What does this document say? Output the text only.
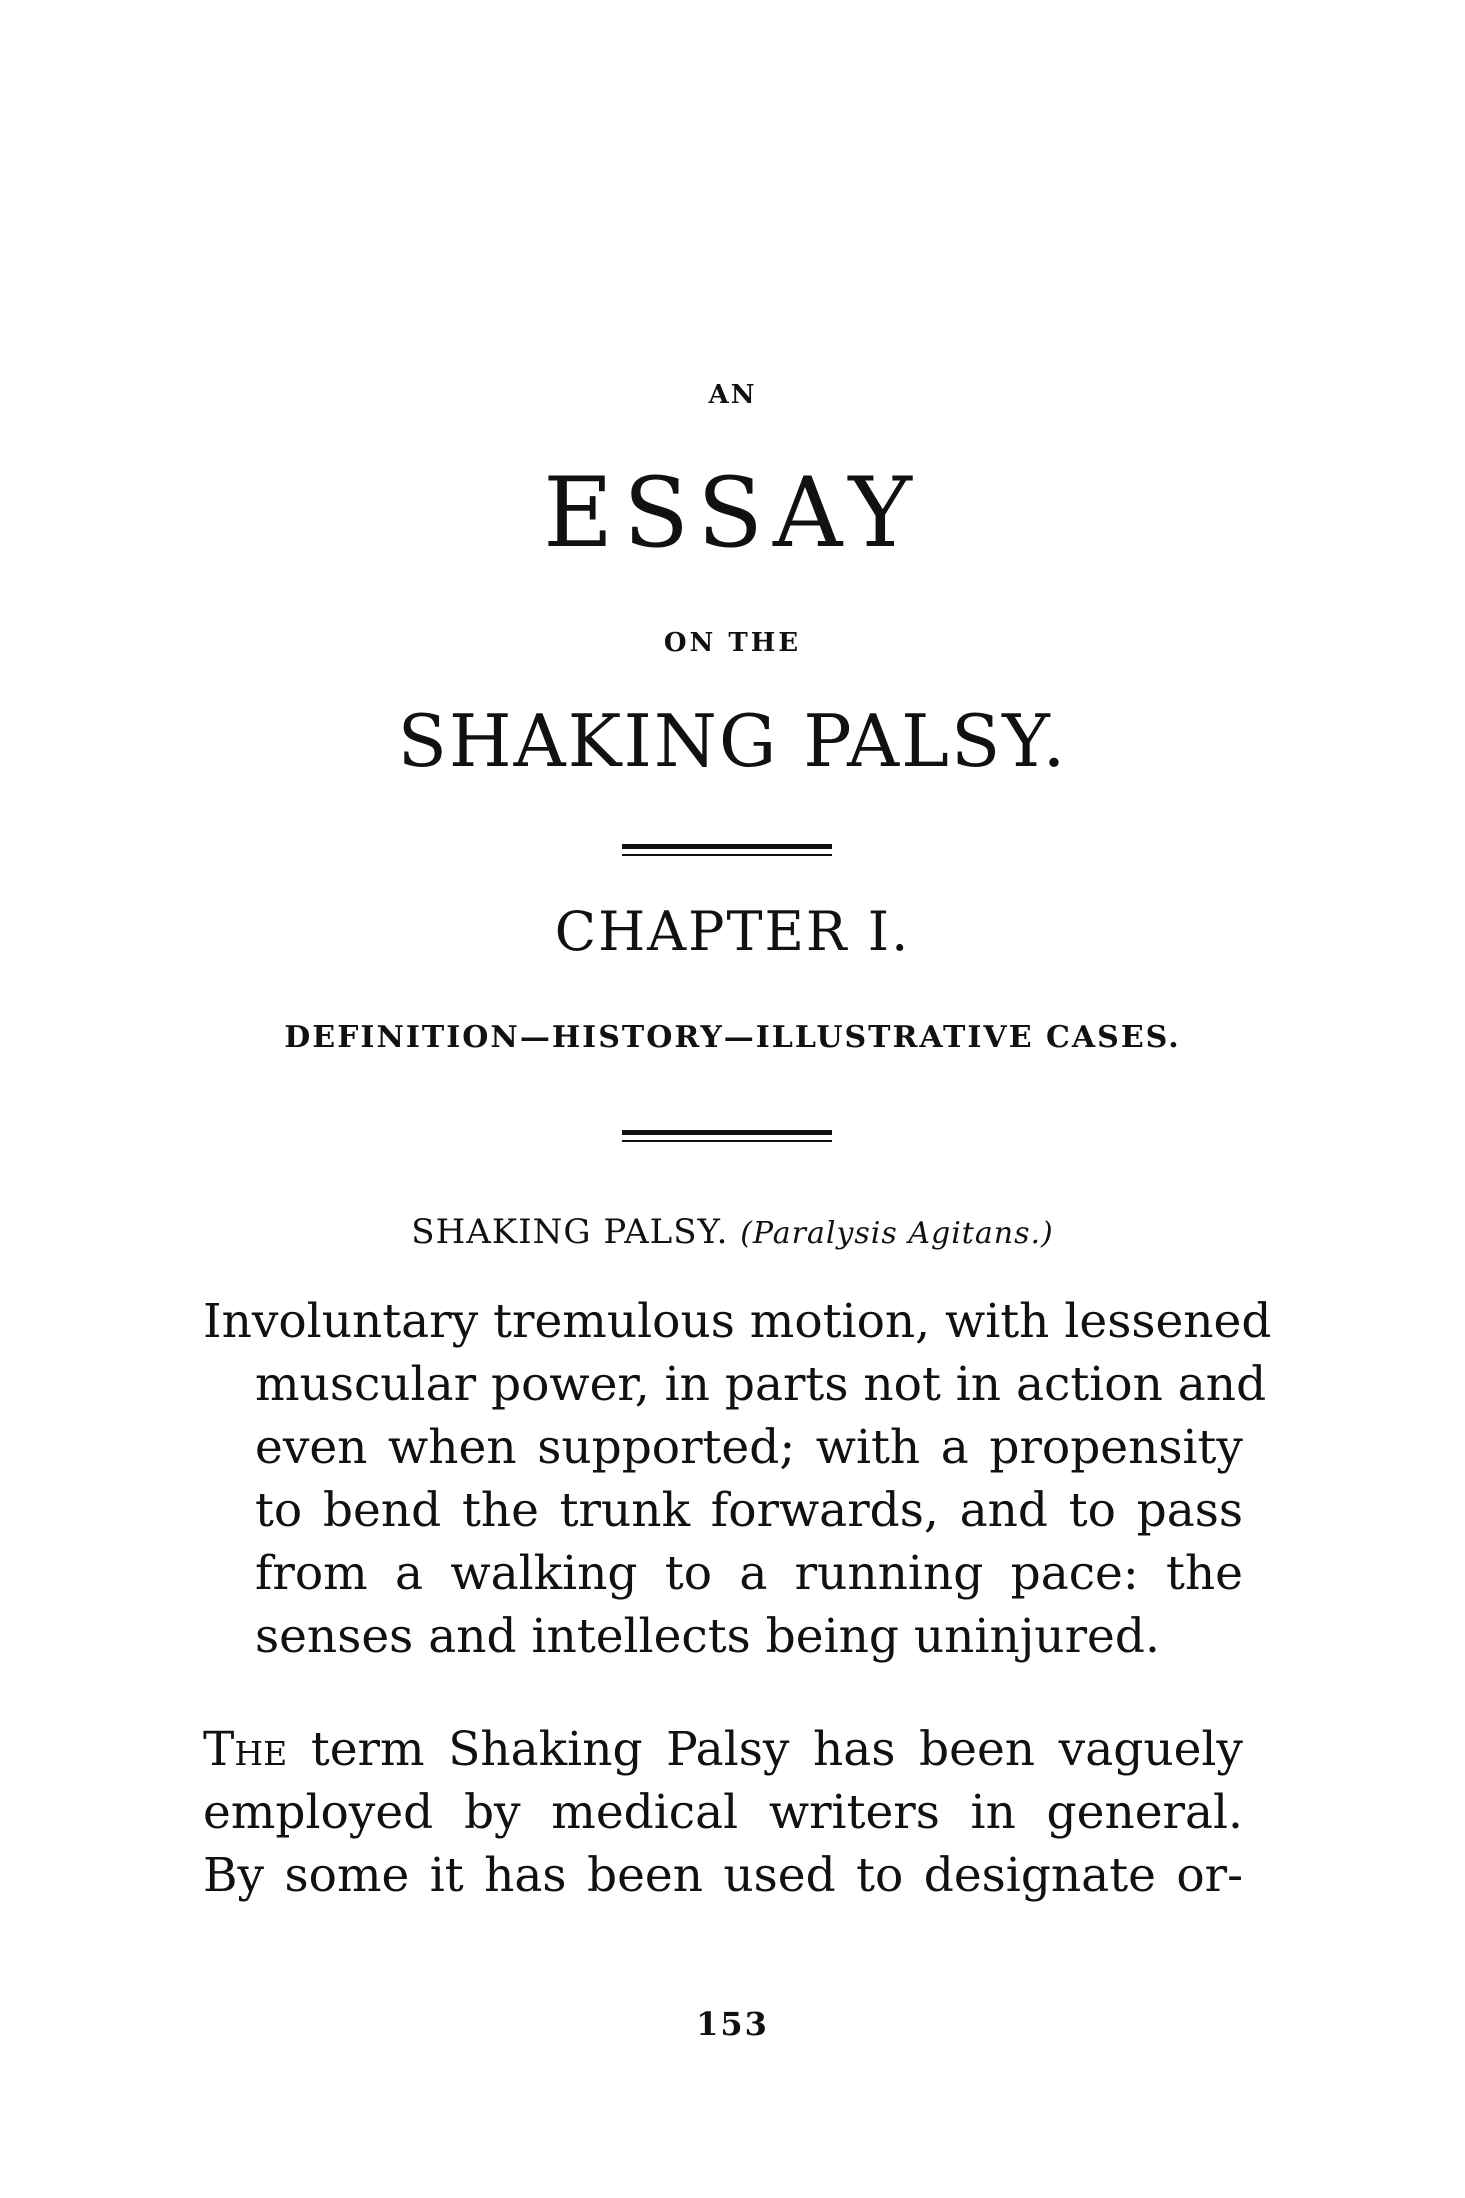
AN
ESSAY
ON THE
SHAKING PALSY.
CHAPTER I.
DEFINITION—HISTORY—ILLUSTRATIVE CASES.
SHAKING PALSY. (Paralysis Agitans.)
Involuntary tremulous motion, with lessened
muscular power, in parts not in action and
even when supported; with a propensity
to bend the trunk forwards, and to pass
from a walking to a running pace: the
senses and intellects being uninjured.
The term Shaking Palsy has been vaguely
employed by medical writers in general.
By some it has been used to designate or-
153
